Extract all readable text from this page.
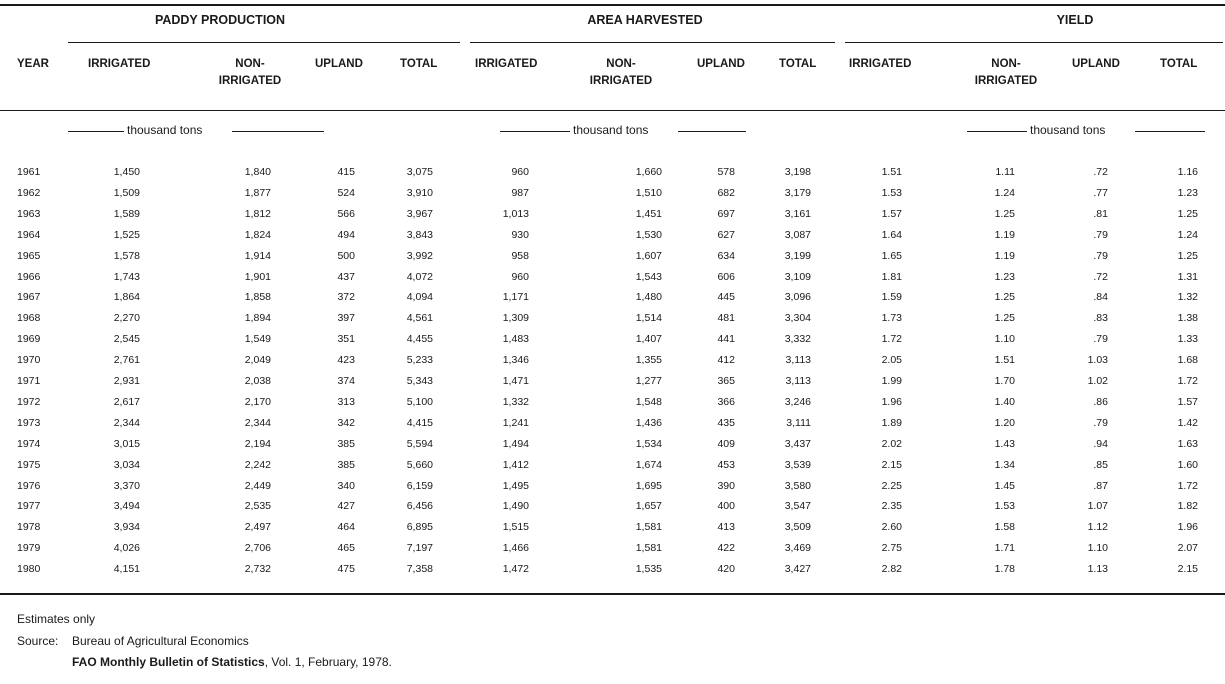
PADDY PRODUCTION	AREA HARVESTED	YIELD
YEAR	IRRIGATED	NON-
IRRIGATED
UPLAND	TOTAL	IRRIGATED	NON-
IRRIGATED
UPLAND	TOTAL	IRRIGATED	NON-
IRRIGATED
UPLAND	TOTAL
thousand tons	thousand tons	thousand tons
1961	1,450	1,840	415	3,075	960	1,660	578	3,198	1.51	1.11	.72	1.16
1962	1,509	1,877	524	3,910	987	1,510	682	3,179	1.53	1.24	.77	1.23
1963	1,589	1,812	566	3,967	1,013	1,451	697	3,161	1.57	1.25	.81	1.25
1964	1,525	1,824	494	3,843	930	1,530	627	3,087	1.64	1.19	.79	1.24
1965	1,578	1,914	500	3,992	958	1,607	634	3,199	1.65	1.19	.79	1.25
1966	1,743	1,901	437	4,072	960	1,543	606	3,109	1.81	1.23	.72	1.31
1967	1,864	1,858	372	4,094	1,171	1,480	445	3,096	1.59	1.25	.84	1.32
1968	2,270	1,894	397	4,561	1,309	1,514	481	3,304	1.73	1.25	.83	1.38
1969	2,545	1,549	351	4,455	1,483	1,407	441	3,332	1.72	1.10	.79	1.33
1970	2,761	2,049	423	5,233	1,346	1,355	412	3,113	2.05	1.51	1.03	1.68
1971	2,931	2,038	374	5,343	1,471	1,277	365	3,113	1.99	1.70	1.02	1.72
1972	2,617	2,170	313	5,100	1,332	1,548	366	3,246	1.96	1.40	.86	1.57
1973	2,344	2,344	342	4,415	1,241	1,436	435	3,111	1.89	1.20	.79	1.42
1974	3,015	2,194	385	5,594	1,494	1,534	409	3,437	2.02	1.43	.94	1.63
1975	3,034	2,242	385	5,660	1,412	1,674	453	3,539	2.15	1.34	.85	1.60
1976	3,370	2,449	340	6,159	1,495	1,695	390	3,580	2.25	1.45	.87	1.72
1977	3,494	2,535	427	6,456	1,490	1,657	400	3,547	2.35	1.53	1.07	1.82
1978	3,934	2,497	464	6,895	1,515	1,581	413	3,509	2.60	1.58	1.12	1.96
1979	4,026	2,706	465	7,197	1,466	1,581	422	3,469	2.75	1.71	1.10	2.07
1980	4,151	2,732	475	7,358	1,472	1,535	420	3,427	2.82	1.78	1.13	2.15
Estimates only
Source: Bureau of Agricultural Economics
FAO Monthly Bulletin of Statistics, Vol. 1, February, 1978.
